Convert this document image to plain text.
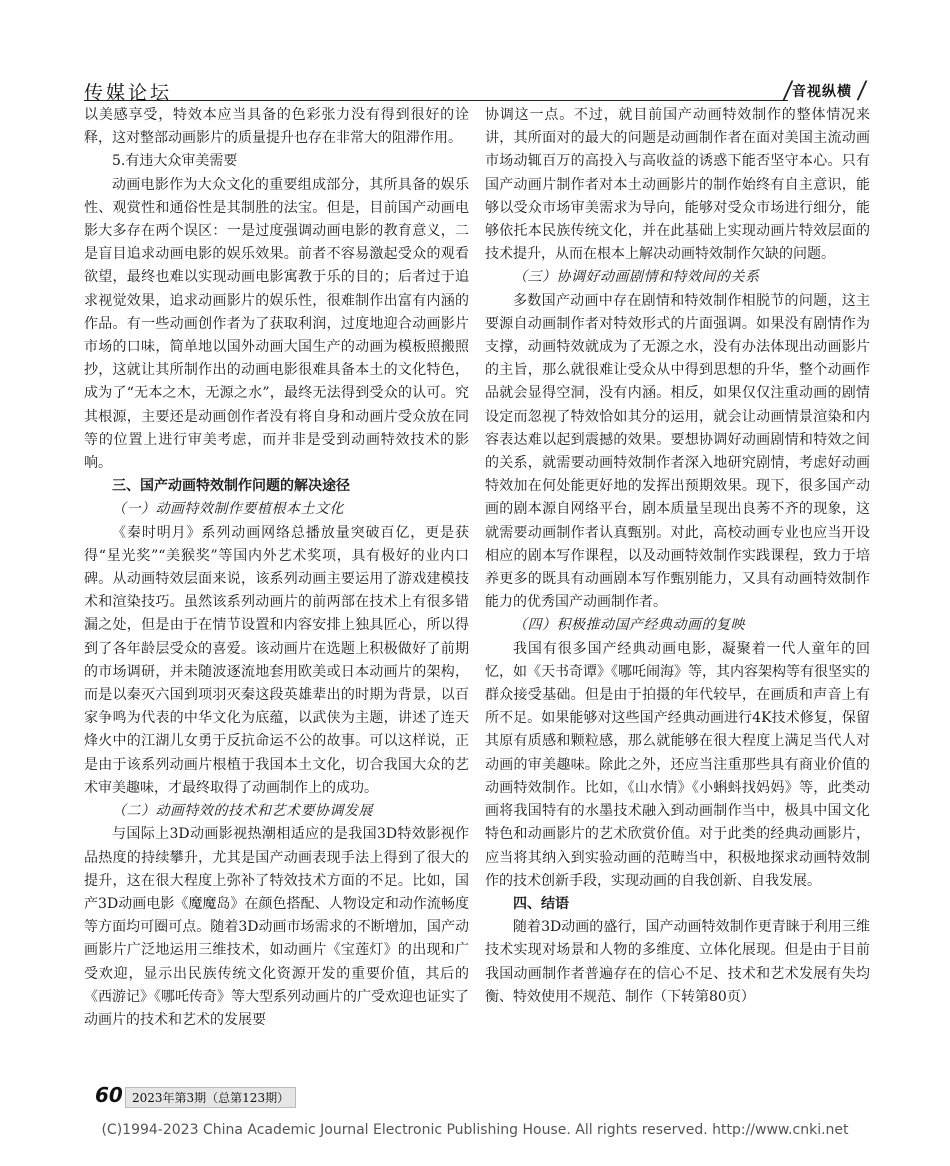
传媒论坛	/
音视纵横 /

以美感享受，特效本应当具备的色彩张力没有得到很好的诠释，这对整部动画影片的质量提升也存在非常大的阻滞作用。

5.有违大众审美需要

动画电影作为大众文化的重要组成部分，其所具备的娱乐性、观赏性和通俗性是其制胜的法宝。但是，目前国产动画电影大多存在两个误区：一是过度强调动画电影的教育意义，二是盲目追求动画电影的娱乐效果。前者不容易激起受众的观看欲望，最终也难以实现动画电影寓教于乐的目的；后者过于追求视觉效果，追求动画影片的娱乐性，很难制作出富有内涵的作品。有一些动画创作者为了获取利润，过度地迎合动画影片市场的口味，简单地以国外动画大国生产的动画为模板照搬照抄，这就让其所制作出的动画电影很难具备本土的文化特色，成为了“无本之木，无源之水”，最终无法得到受众的认可。究其根源，主要还是动画创作者没有将自身和动画片受众放在同等的位置上进行审美考虑，而并非是受到动画特效技术的影响。

三、国产动画特效制作问题的解决途径

（一）动画特效制作要植根本土文化

《秦时明月》系列动画网络总播放量突破百亿，更是获得“星光奖”“美猴奖”等国内外艺术奖项，具有极好的业内口碑。从动画特效层面来说，该系列动画主要运用了游戏建模技术和渲染技巧。虽然该系列动画片的前两部在技术上有很多错漏之处，但是由于在情节设置和内容安排上独具匠心，所以得到了各年龄层受众的喜爱。该动画片在选题上积极做好了前期的市场调研，并未随波逐流地套用欧美或日本动画片的架构，而是以秦灭六国到项羽灭秦这段英雄辈出的时期为背景，以百家争鸣为代表的中华文化为底蕴，以武侠为主题，讲述了连天烽火中的江湖儿女勇于反抗命运不公的故事。可以这样说，正是由于该系列动画片根植于我国本土文化，切合我国大众的艺术审美趣味，才最终取得了动画制作上的成功。

（二）动画特效的技术和艺术要协调发展

与国际上3D动画影视热潮相适应的是我国3D特效影视作品热度的持续攀升，尤其是国产动画表现手法上得到了很大的提升，这在很大程度上弥补了特效技术方面的不足。比如，国产3D动画电影《魔魔岛》在颜色搭配、人物设定和动作流畅度等方面均可圈可点。随着3D动画市场需求的不断增加，国产动画影片广泛地运用三维技术，如动画片《宝莲灯》的出现和广受欢迎，显示出民族传统文化资源开发的重要价值，其后的《西游记》《哪吒传奇》等大型系列动画片的广受欢迎也证实了动画片的技术和艺术的发展要

协调这一点。不过，就目前国产动画特效制作的整体情况来讲，其所面对的最大的问题是动画制作者在面对美国主流动画市场动辄百万的高投入与高收益的诱惑下能否坚守本心。只有国产动画片制作者对本土动画影片的制作始终有自主意识，能够以受众市场审美需求为导向，能够对受众市场进行细分，能够依托本民族传统文化，并在此基础上实现动画片特效层面的技术提升，从而在根本上解决动画特效制作欠缺的问题。

（三）协调好动画剧情和特效间的关系

多数国产动画中存在剧情和特效制作相脱节的问题，这主要源自动画制作者对特效形式的片面强调。如果没有剧情作为支撑，动画特效就成为了无源之水，没有办法体现出动画影片的主旨，那么就很难让受众从中得到思想的升华，整个动画作品就会显得空洞，没有内涵。相反，如果仅仅注重动画的剧情设定而忽视了特效恰如其分的运用，就会让动画情景渲染和内容表达难以起到震撼的效果。要想协调好动画剧情和特效之间的关系，就需要动画特效制作者深入地研究剧情，考虑好动画特效加在何处能更好地的发挥出预期效果。现下，很多国产动画的剧本源自网络平台，剧本质量呈现出良莠不齐的现象，这就需要动画制作者认真甄别。对此，高校动画专业也应当开设相应的剧本写作课程，以及动画特效制作实践课程，致力于培养更多的既具有动画剧本写作甄别能力，又具有动画特效制作能力的优秀国产动画制作者。

（四）积极推动国产经典动画的复映

我国有很多国产经典动画电影，凝聚着一代人童年的回忆，如《天书奇谭》《哪吒闹海》等，其内容架构等有很坚实的群众接受基础。但是由于拍摄的年代较早，在画质和声音上有所不足。如果能够对这些国产经典动画进行4K技术修复，保留其原有质感和颗粒感，那么就能够在很大程度上满足当代人对动画的审美趣味。除此之外，还应当注重那些具有商业价值的动画特效制作。比如，《山水情》《小蝌蚪找妈妈》等，此类动画将我国特有的水墨技术融入到动画制作当中，极具中国文化特色和动画影片的艺术欣赏价值。对于此类的经典动画影片，应当将其纳入到实验动画的范畴当中，积极地探求动画特效制作的技术创新手段，实现动画的自我创新、自我发展。

四、结语

随着3D动画的盛行，国产动画特效制作更青睐于利用三维技术实现对场景和人物的多维度、立体化展现。但是由于目前我国动画制作者普遍存在的信心不足、技术和艺术发展有失均衡、特效使用不规范、制作（下转第80页）

60 2023年第3期（总第123期）
(C)1994-2023 China Academic Journal Electronic Publishing House. All rights reserved. http://www.cnki.net
